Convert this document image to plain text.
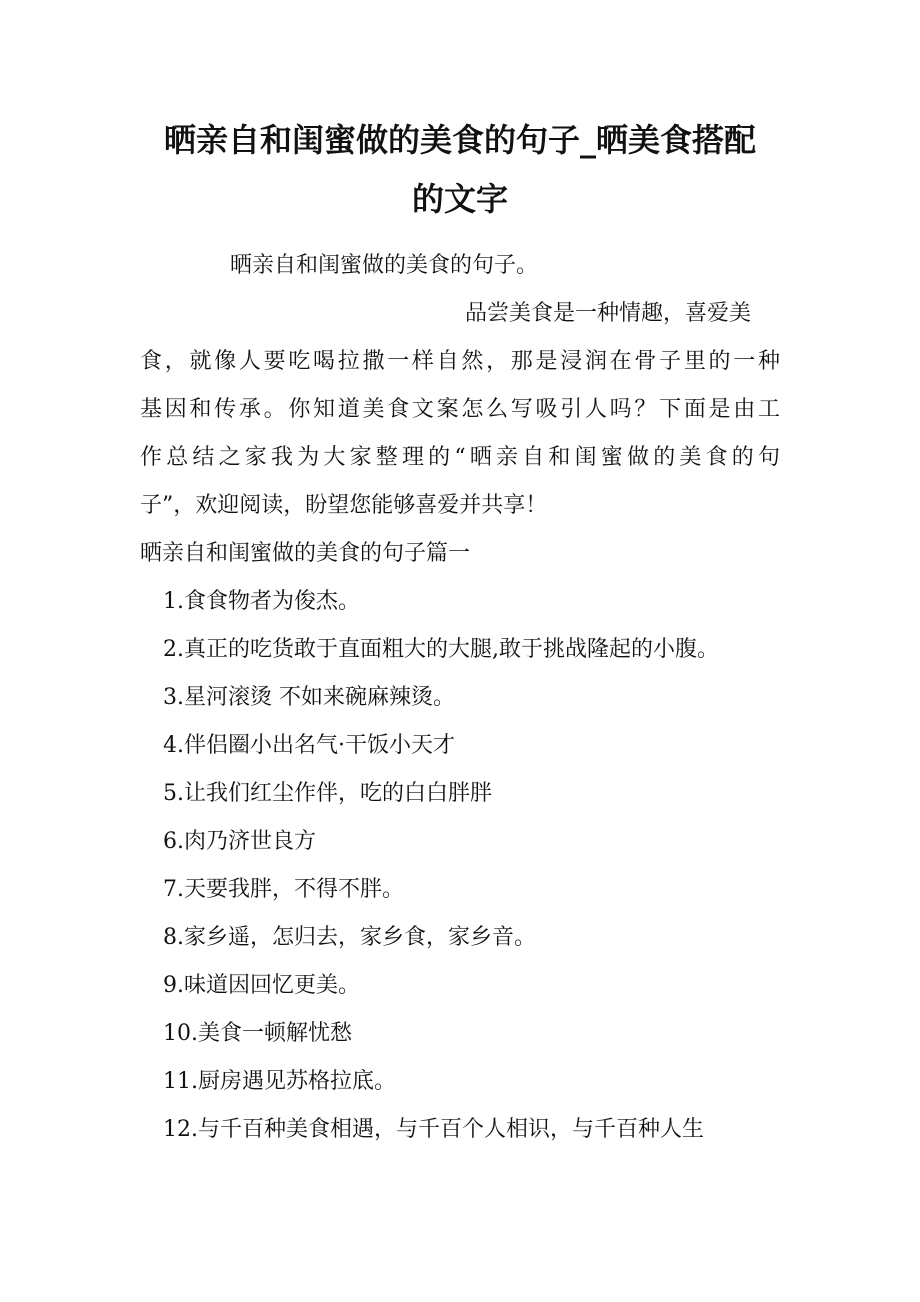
晒亲自和闺蜜做的美食的句子_晒美食搭配
的文字
晒亲自和闺蜜做的美食的句子。
品尝美食是一种情趣，喜爱美
食，就像人要吃喝拉撒一样自然，那是浸润在骨子里的一种
基因和传承。你知道美食文案怎么写吸引人吗？下面是由工
作总结之家我为大家整理的“晒亲自和闺蜜做的美食的句
子”，欢迎阅读，盼望您能够喜爱并共享！
晒亲自和闺蜜做的美食的句子篇一
1.食食物者为俊杰。
2.真正的吃货敢于直面粗大的大腿,敢于挑战隆起的小腹。
3.星河滚烫 不如来碗麻辣烫。
4.伴侣圈小出名气·干饭小天才
5.让我们红尘作伴，吃的白白胖胖
6.肉乃济世良方
7.天要我胖，不得不胖。
8.家乡遥，怎归去，家乡食，家乡音。
9.味道因回忆更美。
10.美食一顿解忧愁
11.厨房遇见苏格拉底。
12.与千百种美食相遇，与千百个人相识，与千百种人生
